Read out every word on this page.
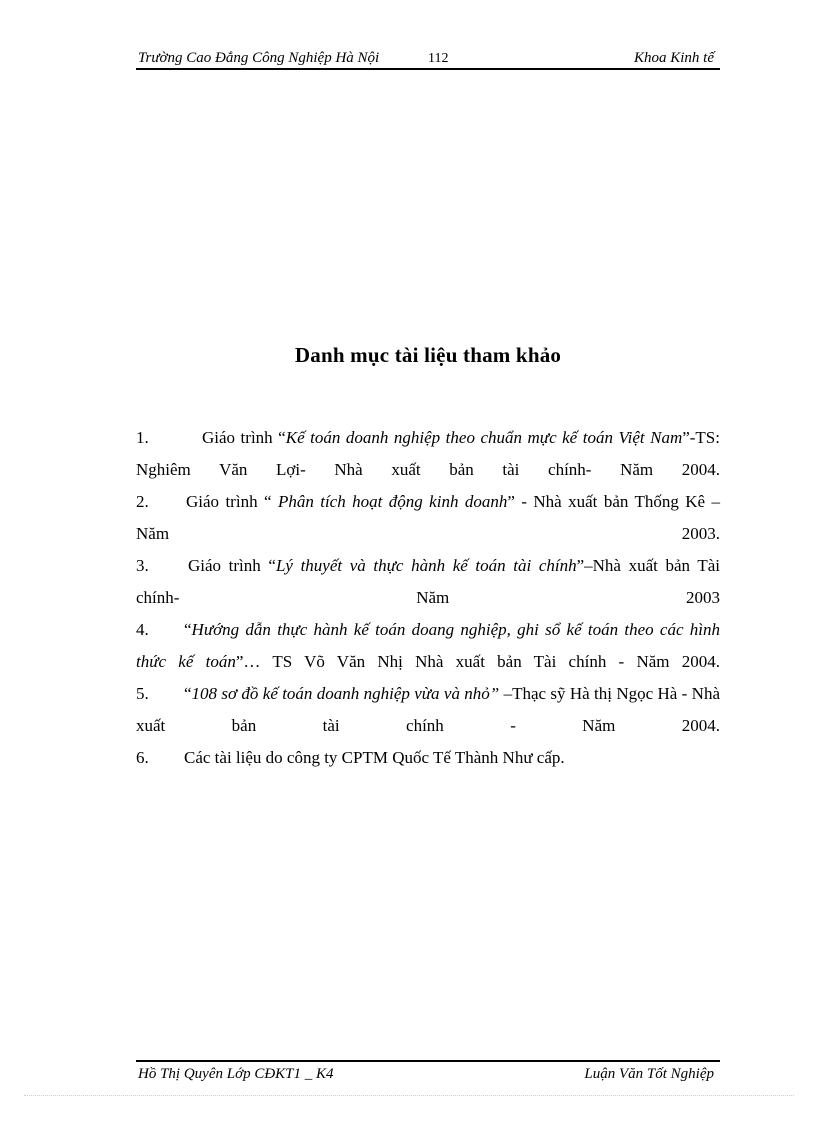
Trường Cao Đẳng Công Nghiệp Hà Nội	112	Khoa Kinh tế
Danh mục tài liệu tham khảo
1.	Giáo trình “Kế toán doanh nghiệp theo chuẩn mực kế toán Việt Nam”-TS: Nghiêm Văn Lợi- Nhà xuất bản tài chính- Năm 2004.
2. Giáo trình “ Phân tích hoạt động kinh doanh” - Nhà xuất bản Thống Kê –Năm 2003.
3. Giáo trình “Lý thuyết và thực hành kế toán tài chính”–Nhà xuất bản Tài chính- Năm 2003
4. “Hướng dẫn thực hành kế toán doang nghiệp, ghi sổ kế toán theo các hình thức kế toán”… TS Võ Văn Nhị Nhà xuất bản Tài chính - Năm 2004.
5. “108 sơ đồ kế toán doanh nghiệp vừa và nhỏ” –Thạc sỹ Hà thị Ngọc Hà - Nhà xuất bản tài chính - Năm 2004.
6. Các tài liệu do công ty CPTM Quốc Tế Thành Như cấp.
Hồ Thị Quyên Lớp CĐKT1 _ K4	Luận Văn Tốt Nghiệp
